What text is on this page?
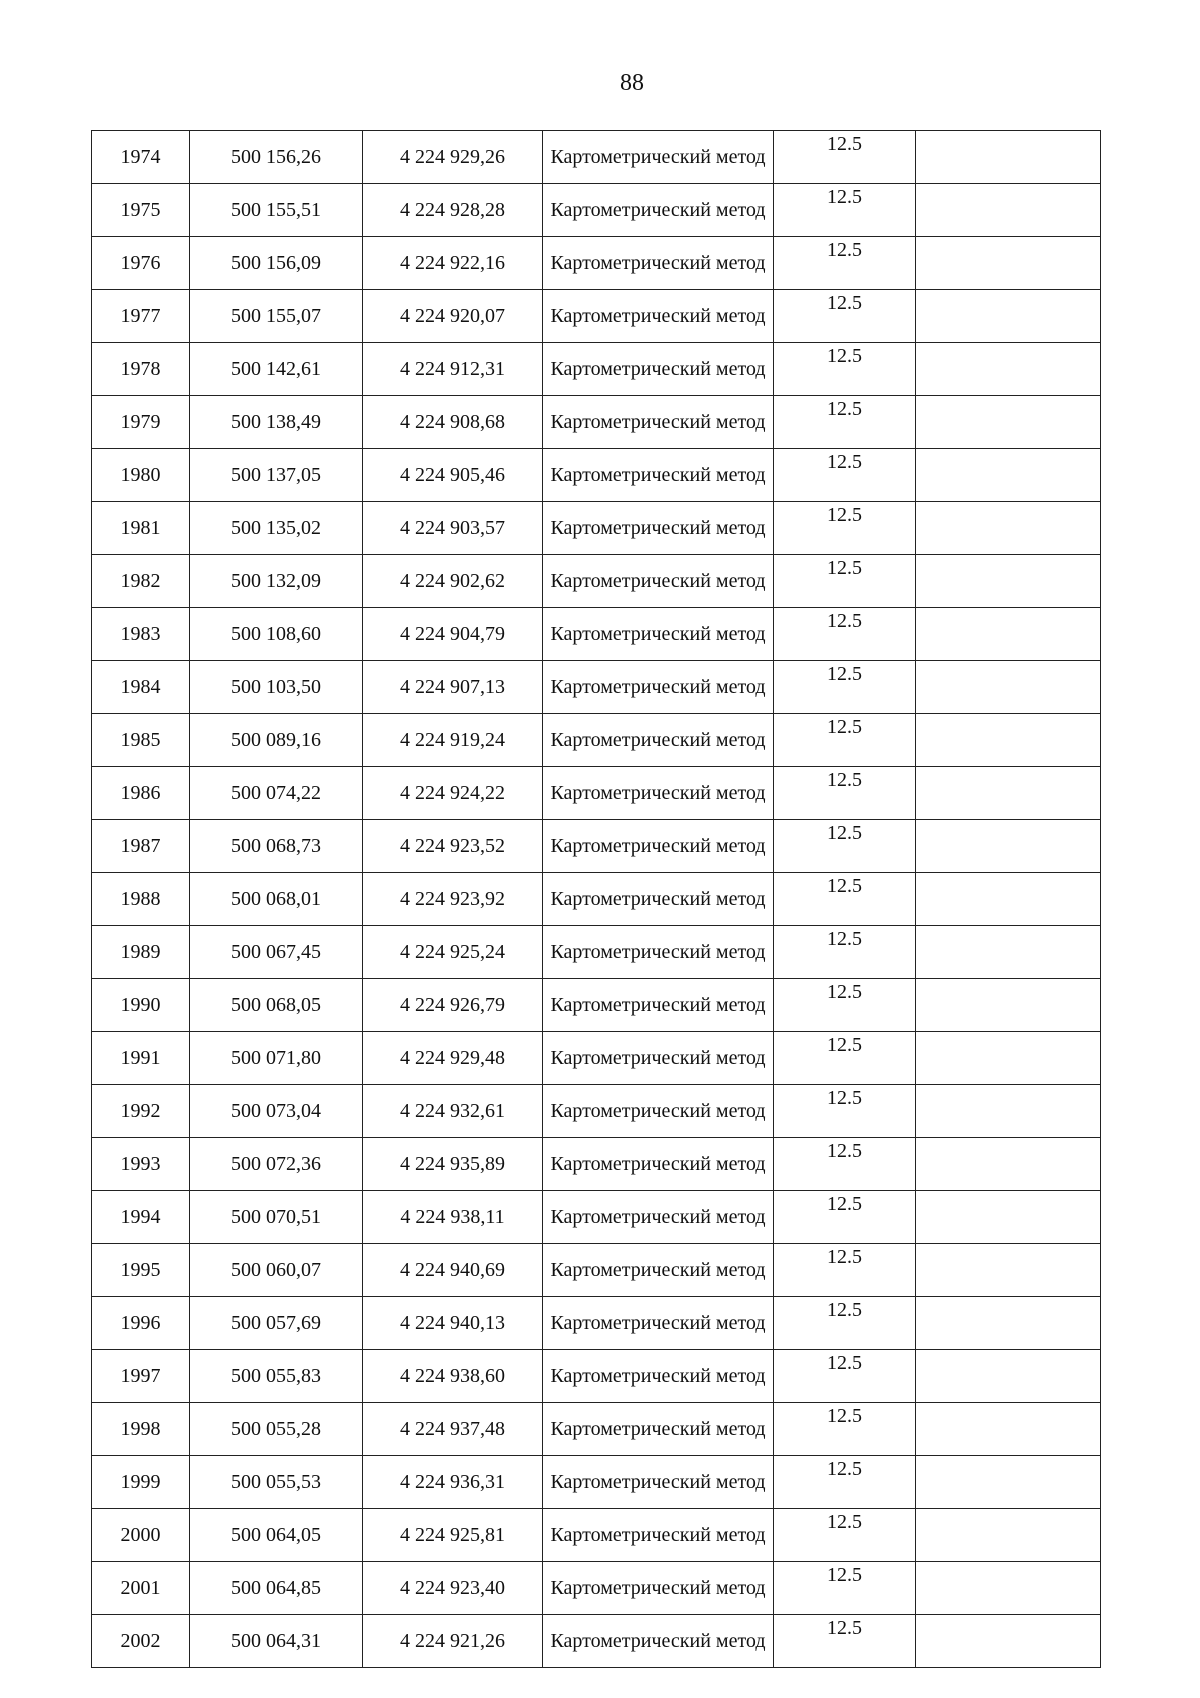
88
1974	500 156,26	4 224 929,26	Картометрический метод	12.5	
1975	500 155,51	4 224 928,28	Картометрический метод	12.5	
1976	500 156,09	4 224 922,16	Картометрический метод	12.5	
1977	500 155,07	4 224 920,07	Картометрический метод	12.5	
1978	500 142,61	4 224 912,31	Картометрический метод	12.5	
1979	500 138,49	4 224 908,68	Картометрический метод	12.5	
1980	500 137,05	4 224 905,46	Картометрический метод	12.5	
1981	500 135,02	4 224 903,57	Картометрический метод	12.5	
1982	500 132,09	4 224 902,62	Картометрический метод	12.5	
1983	500 108,60	4 224 904,79	Картометрический метод	12.5	
1984	500 103,50	4 224 907,13	Картометрический метод	12.5	
1985	500 089,16	4 224 919,24	Картометрический метод	12.5	
1986	500 074,22	4 224 924,22	Картометрический метод	12.5	
1987	500 068,73	4 224 923,52	Картометрический метод	12.5	
1988	500 068,01	4 224 923,92	Картометрический метод	12.5	
1989	500 067,45	4 224 925,24	Картометрический метод	12.5	
1990	500 068,05	4 224 926,79	Картометрический метод	12.5	
1991	500 071,80	4 224 929,48	Картометрический метод	12.5	
1992	500 073,04	4 224 932,61	Картометрический метод	12.5	
1993	500 072,36	4 224 935,89	Картометрический метод	12.5	
1994	500 070,51	4 224 938,11	Картометрический метод	12.5	
1995	500 060,07	4 224 940,69	Картометрический метод	12.5	
1996	500 057,69	4 224 940,13	Картометрический метод	12.5	
1997	500 055,83	4 224 938,60	Картометрический метод	12.5	
1998	500 055,28	4 224 937,48	Картометрический метод	12.5	
1999	500 055,53	4 224 936,31	Картометрический метод	12.5	
2000	500 064,05	4 224 925,81	Картометрический метод	12.5	
2001	500 064,85	4 224 923,40	Картометрический метод	12.5	
2002	500 064,31	4 224 921,26	Картометрический метод	12.5	
